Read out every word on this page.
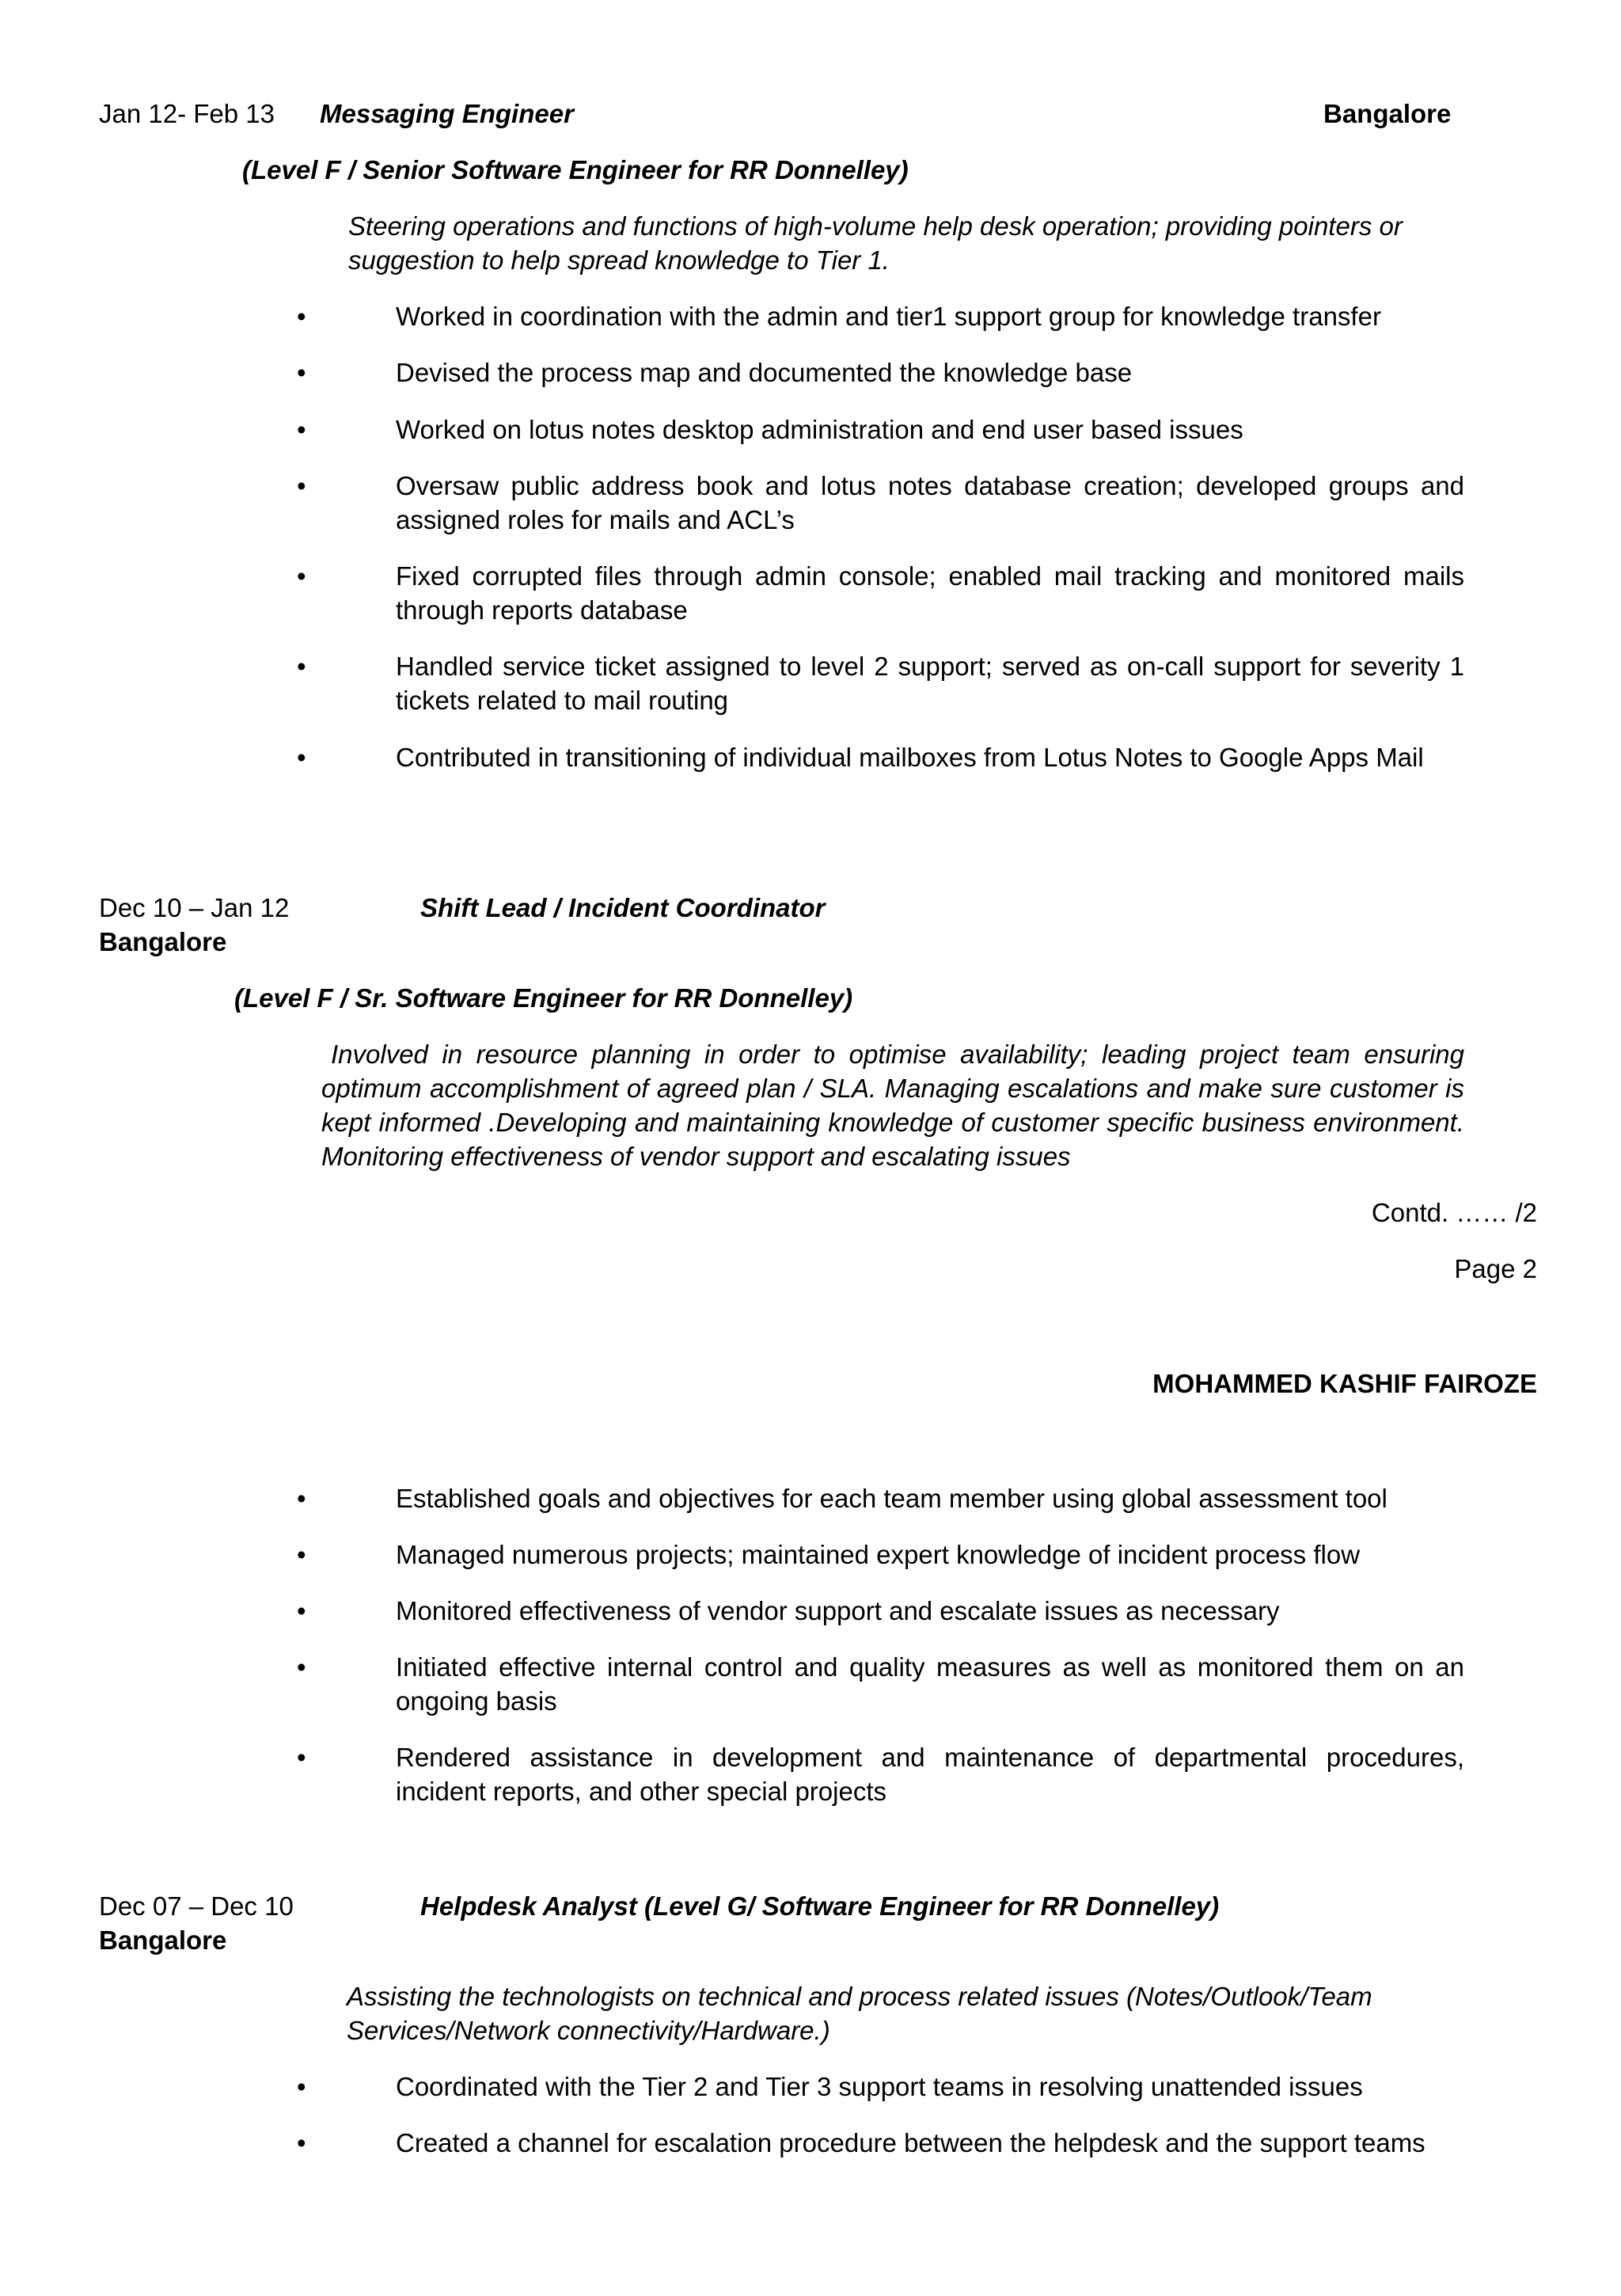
Jan 12- Feb 13 Messaging Engineer	Bangalore
(Level F / Senior Software Engineer for RR Donnelley)
Steering operations and functions of high-volume help desk operation; providing pointers or suggestion to help spread knowledge to Tier 1.
•	Worked in coordination with the admin and tier1 support group for knowledge transfer
•	Devised the process map and documented the knowledge base
•	Worked on lotus notes desktop administration and end user based issues
•	Oversaw public address book and lotus notes database creation; developed groups and assigned roles for mails and ACL’s
•	Fixed corrupted files through admin console; enabled mail tracking and monitored mails through reports database
•	Handled service ticket assigned to level 2 support; served as on-call support for severity 1 tickets related to mail routing
•	Contributed in transitioning of individual mailboxes from Lotus Notes to Google Apps Mail
Dec 10 – Jan 12	Shift Lead / Incident Coordinator
Bangalore
(Level F / Sr. Software Engineer for RR Donnelley)
Involved in resource planning in order to optimise availability; leading project team ensuring optimum accomplishment of agreed plan / SLA. Managing escalations and make sure customer is kept informed .Developing and maintaining knowledge of customer specific business environment. Monitoring effectiveness of vendor support and escalating issues
Contd. …… /2
Page 2
MOHAMMED KASHIF FAIROZE
•	Established goals and objectives for each team member using global assessment tool
•	Managed numerous projects; maintained expert knowledge of incident process flow
•	Monitored effectiveness of vendor support and escalate issues as necessary
•	Initiated effective internal control and quality measures as well as monitored them on an ongoing basis
•	Rendered assistance in development and maintenance of departmental procedures, incident reports, and other special projects
Dec 07 – Dec 10	Helpdesk Analyst (Level G/ Software Engineer for RR Donnelley)
Bangalore
Assisting the technologists on technical and process related issues (Notes/Outlook/Team Services/Network connectivity/Hardware.)
•	Coordinated with the Tier 2 and Tier 3 support teams in resolving unattended issues
•	Created a channel for escalation procedure between the helpdesk and the support teams
